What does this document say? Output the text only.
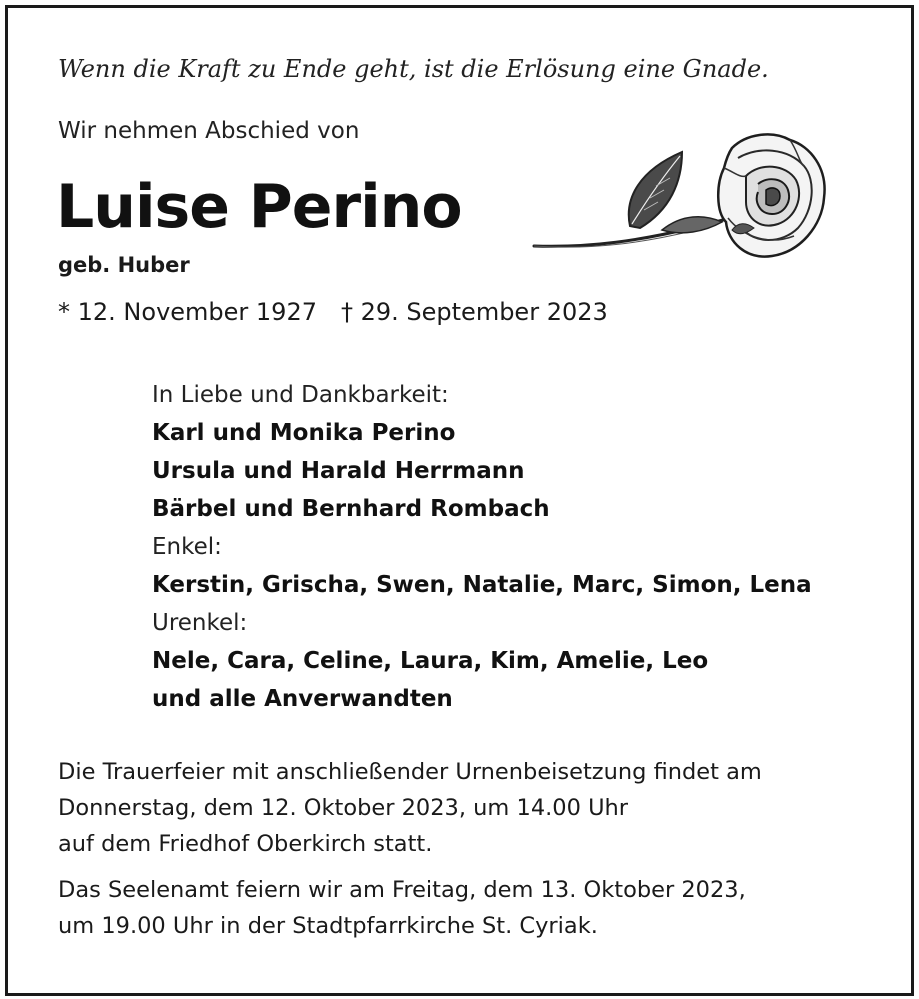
Wenn die Kraft zu Ende geht, ist die Erlösung eine Gnade.
Wir nehmen Abschied von
Luise Perino
geb. Huber
* 12. November 1927 † 29. September 2023
In Liebe und Dankbarkeit:
Karl und Monika Perino
Ursula und Harald Herrmann
Bärbel und Bernhard Rombach
Enkel:
Kerstin, Grischa, Swen, Natalie, Marc, Simon, Lena
Urenkel:
Nele, Cara, Celine, Laura, Kim, Amelie, Leo
und alle Anverwandten
Die Trauerfeier mit anschließender Urnenbeisetzung findet am
Donnerstag, dem 12. Oktober 2023, um 14.00 Uhr
auf dem Friedhof Oberkirch statt.
Das Seelenamt feiern wir am Freitag, dem 13. Oktober 2023,
um 19.00 Uhr in der Stadtpfarrkirche St. Cyriak.
